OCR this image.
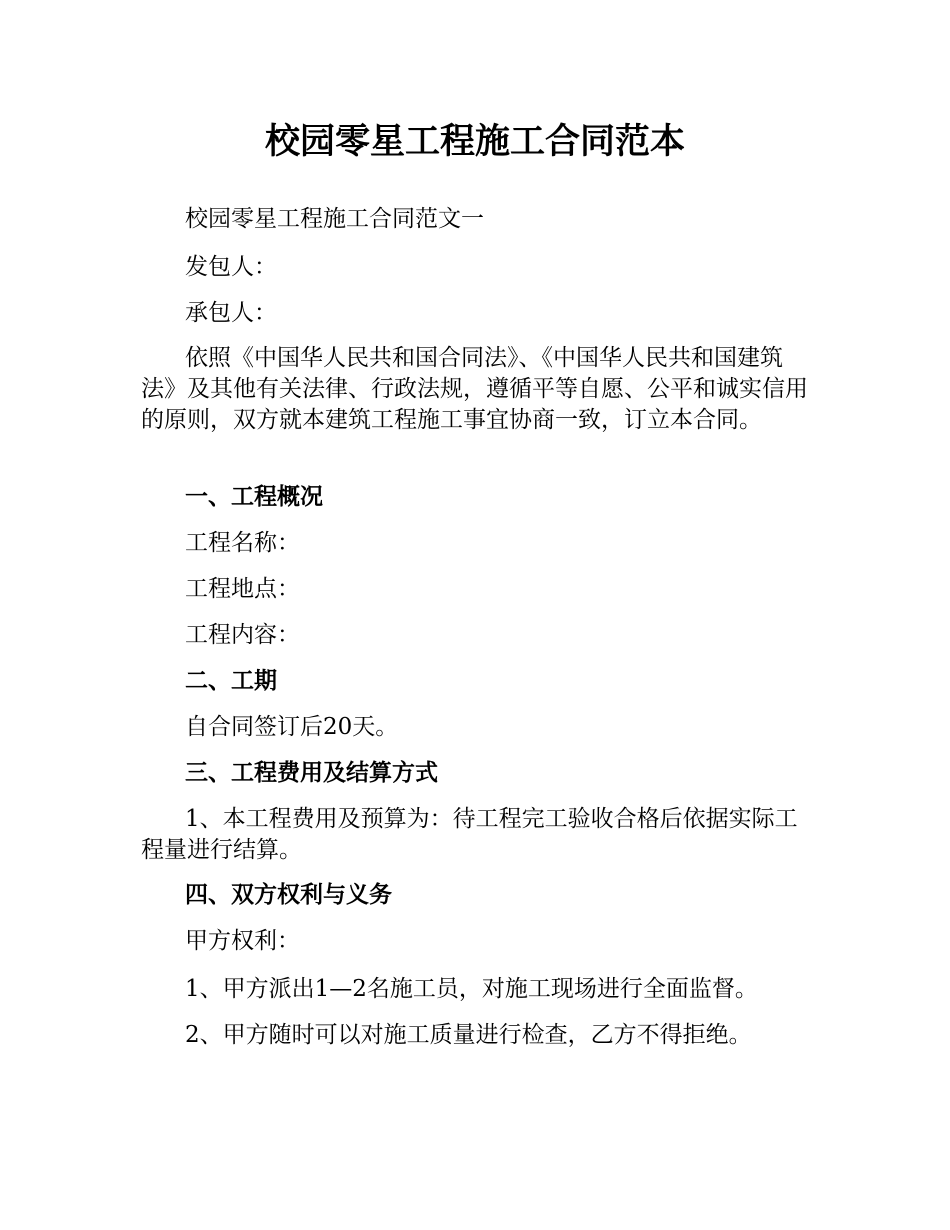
校园零星工程施工合同范本

校园零星工程施工合同范文一

发包人：

承包人：

依照《中国华人民共和国合同法》、《中国华人民共和国建筑法》及其他有关法律、行政法规，遵循平等自愿、公平和诚实信用的原则，双方就本建筑工程施工事宜协商一致，订立本合同。

一、工程概况

工程名称：

工程地点：

工程内容：

二、工期

自合同签订后20天。

三、工程费用及结算方式

1、本工程费用及预算为：待工程完工验收合格后依据实际工程量进行结算。

四、双方权利与义务

甲方权利：

1、甲方派出1—2名施工员，对施工现场进行全面监督。

2、甲方随时可以对施工质量进行检查，乙方不得拒绝。
